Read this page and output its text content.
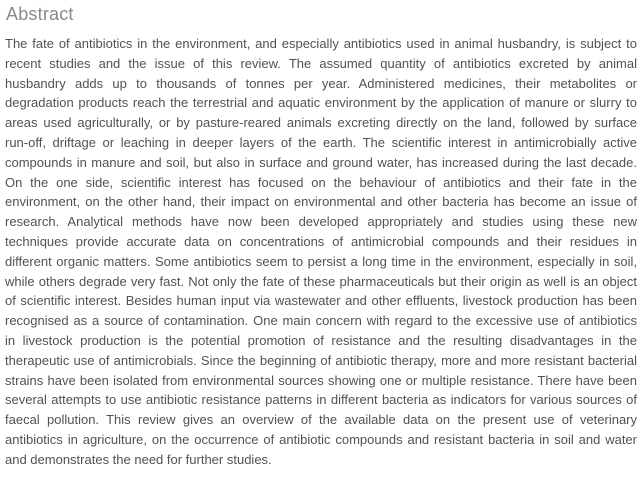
Abstract
The fate of antibiotics in the environment, and especially antibiotics used in animal husbandry, is subject to
recent studies and the issue of this review. The assumed quantity of antibiotics excreted by animal
husbandry adds up to thousands of tonnes per year. Administered medicines, their metabolites or
degradation products reach the terrestrial and aquatic environment by the application of manure or slurry to
areas used agriculturally, or by pasture-reared animals excreting directly on the land, followed by surface
run-off, driftage or leaching in deeper layers of the earth. The scientific interest in antimicrobially active
compounds in manure and soil, but also in surface and ground water, has increased during the last decade.
On the one side, scientific interest has focused on the behaviour of antibiotics and their fate in the
environment, on the other hand, their impact on environmental and other bacteria has become an issue of
research. Analytical methods have now been developed appropriately and studies using these new
techniques provide accurate data on concentrations of antimicrobial compounds and their residues in
different organic matters. Some antibiotics seem to persist a long time in the environment, especially in soil,
while others degrade very fast. Not only the fate of these pharmaceuticals but their origin as well is an object
of scientific interest. Besides human input via wastewater and other effluents, livestock production has been
recognised as a source of contamination. One main concern with regard to the excessive use of antibiotics
in livestock production is the potential promotion of resistance and the resulting disadvantages in the
therapeutic use of antimicrobials. Since the beginning of antibiotic therapy, more and more resistant bacterial
strains have been isolated from environmental sources showing one or multiple resistance. There have been
several attempts to use antibiotic resistance patterns in different bacteria as indicators for various sources of
faecal pollution. This review gives an overview of the available data on the present use of veterinary
antibiotics in agriculture, on the occurrence of antibiotic compounds and resistant bacteria in soil and water
and demonstrates the need for further studies.
